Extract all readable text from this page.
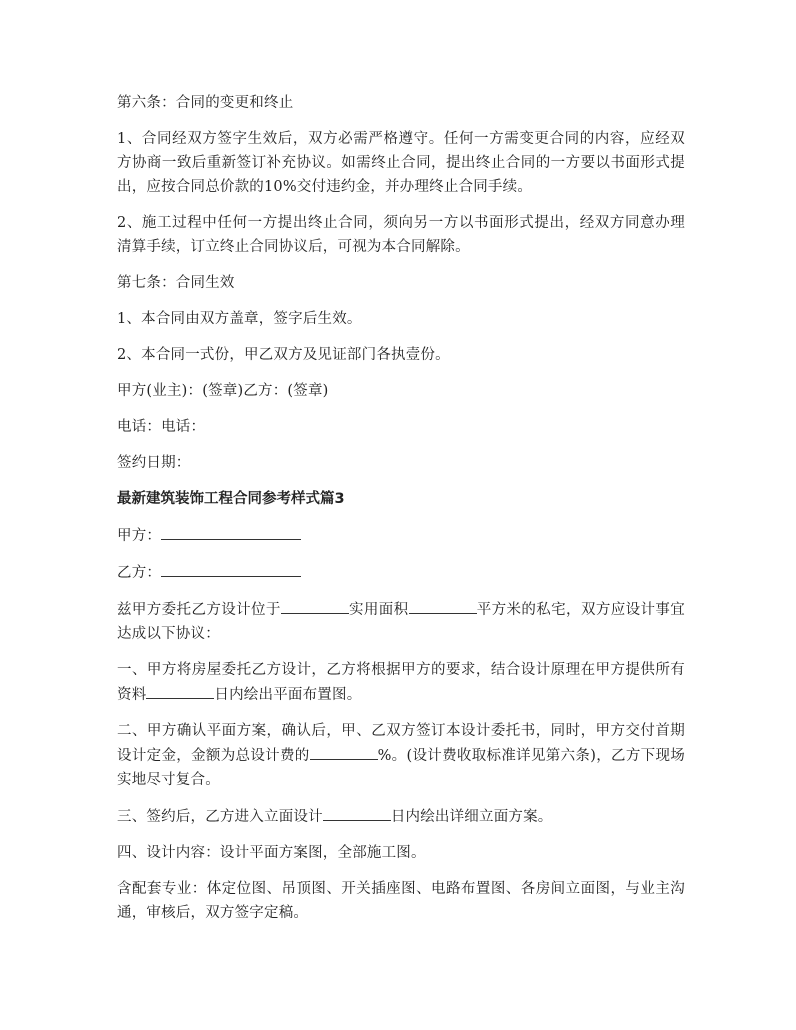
第六条：合同的变更和终止

1、合同经双方签字生效后，双方必需严格遵守。任何一方需变更合同的内容，应经双方协商一致后重新签订补充协议。如需终止合同，提出终止合同的一方要以书面形式提出，应按合同总价款的10%交付违约金，并办理终止合同手续。

2、施工过程中任何一方提出终止合同，须向另一方以书面形式提出，经双方同意办理清算手续，订立终止合同协议后，可视为本合同解除。

第七条：合同生效

1、本合同由双方盖章，签字后生效。

2、本合同一式份，甲乙双方及见证部门各执壹份。

甲方(业主)：(签章)乙方：(签章)

电话：电话：

签约日期：

最新建筑装饰工程合同参考样式篇3

甲方：

乙方：

兹甲方委托乙方设计位于	实用面积	平方米的私宅，双方应设计事宜达成以下协议：

一、甲方将房屋委托乙方设计，乙方将根据甲方的要求，结合设计原理在甲方提供所有资料	日内绘出平面布置图。

二、甲方确认平面方案，确认后，甲、乙双方签订本设计委托书，同时，甲方交付首期设计定金，金额为总设计费的	%。(设计费收取标准详见第六条)，乙方下现场实地尽寸复合。

三、签约后，乙方进入立面设计	日内绘出详细立面方案。

四、设计内容：设计平面方案图，全部施工图。

含配套专业：体定位图、吊顶图、开关插座图、电路布置图、各房间立面图，与业主沟通，审核后，双方签字定稿。
